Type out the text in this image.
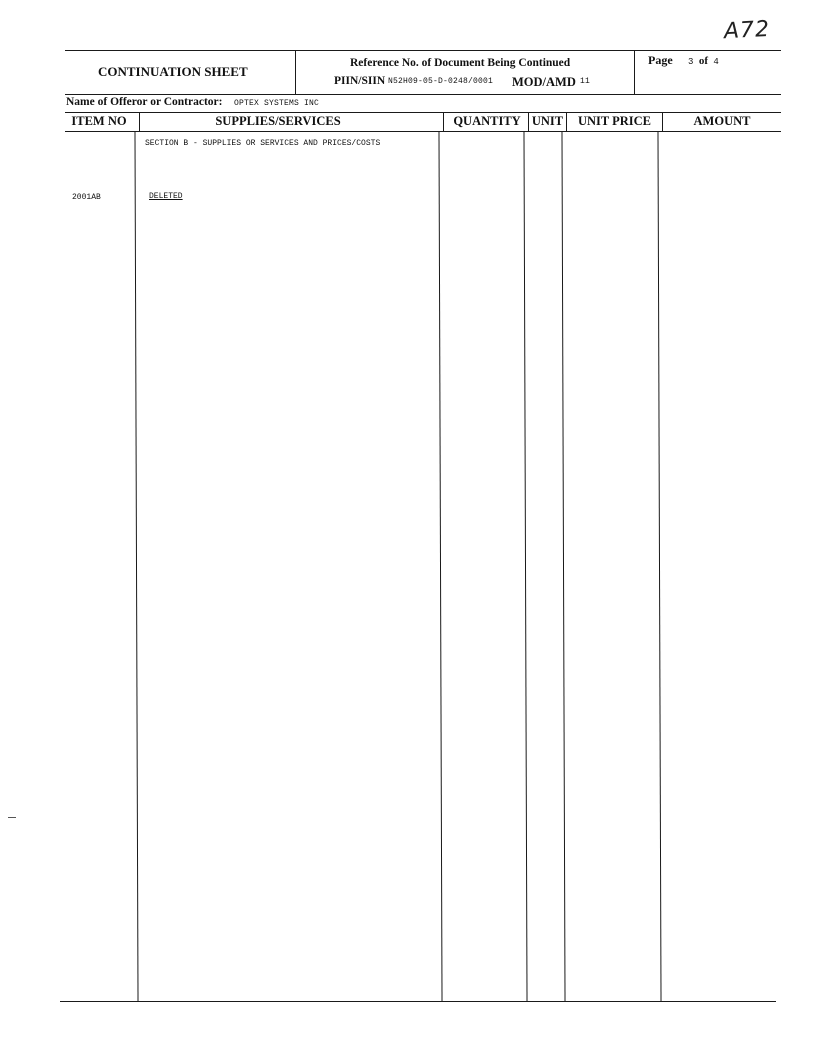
A72
CONTINUATION SHEET
Reference No. of Document Being Continued
PIIN/SIIN N52H09-05-D-0248/0001 MOD/AMD 11
Page 3 of 4
Name of Offeror or Contractor: OPTEX SYSTEMS INC
ITEM NO	SUPPLIES/SERVICES	QUANTITY UNIT	UNIT PRICE	AMOUNT
SECTION B - SUPPLIES OR SERVICES AND PRICES/COSTS
2001AB	DELETED
